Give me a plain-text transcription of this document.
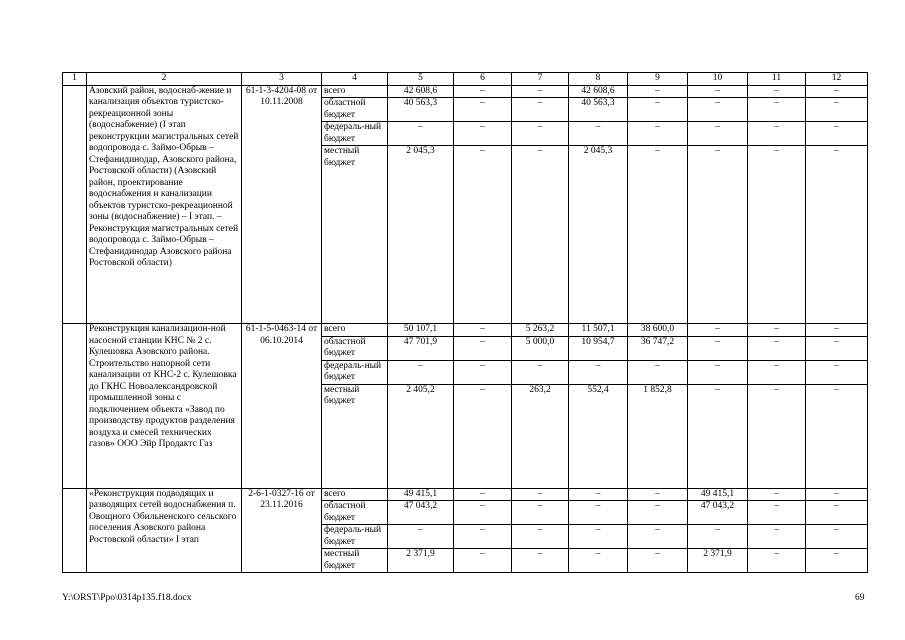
1	2	3	4	5	6	7	8	9	10	11	12
	Азовский район, водоснаб-жение и канализация объектов туристско-рекреационной зоны (водоснабжение) (I этап реконструкции магистральных сетей водопровода с. Займо-Обрыв – Стефанидинодар, Азовского района, Ростовской области) (Азовский район, проектирование водоснабжения и канализации объектов туристско-рекреационной зоны (водоснабжение) – I этап. – Реконструкция магистральных сетей водопровода с. Займо-Обрыв – Стефанидинодар Азовского района Ростовской области)	61-1-3-4204-08 от 10.11.2008	всего	42 608,6	–	–	42 608,6	–	–	–	–
			областной бюджет	40 563,3	–	–	40 563,3	–	–	–	–
			федераль-ный бюджет	–	–	–	–	–	–	–	–
			местный бюджет	2 045,3	–	–	2 045,3	–	–	–	–
	Реконструкция канализацион-ной насосной станции КНС № 2 с. Кулешовка Азовского района. Строительство напорной сети канализации от КНС-2 с. Кулешовка до ГКНС Новоалександровской промышленной зоны с подключением объекта «Завод по производству продуктов разделения воздуха и смесей технических газов» ООО Эйр Продактс Газ	61-1-5-0463-14 от 06.10.2014	всего	50 107,1	–	5 263,2	11 507,1	38 600,0	–	–	–
			областной бюджет	47 701,9	–	5 000,0	10 954,7	36 747,2	–	–	–
			федераль-ный бюджет	–	–	–	–	–	–	–	–
			местный бюджет	2 405,2	–	263,2	552,4	1 852,8	–	–	–
	«Реконструкция подводящих и разводящих сетей водоснабжения п. Овощного Обильненского сельского поселения Азовского района Ростовской области» I этап	2-6-1-0327-16 от 23.11.2016	всего	49 415,1	–	–	–	–	49 415,1	–	–
			областной бюджет	47 043,2	–	–	–	–	47 043,2	–	–
			федераль-ный бюджет	–	–	–	–	–	–	–	–
			местный бюджет	2 371,9	–	–	–	–	2 371,9	–	–
Y:\ORST\Ppo\0314p135.f18.docx	69
